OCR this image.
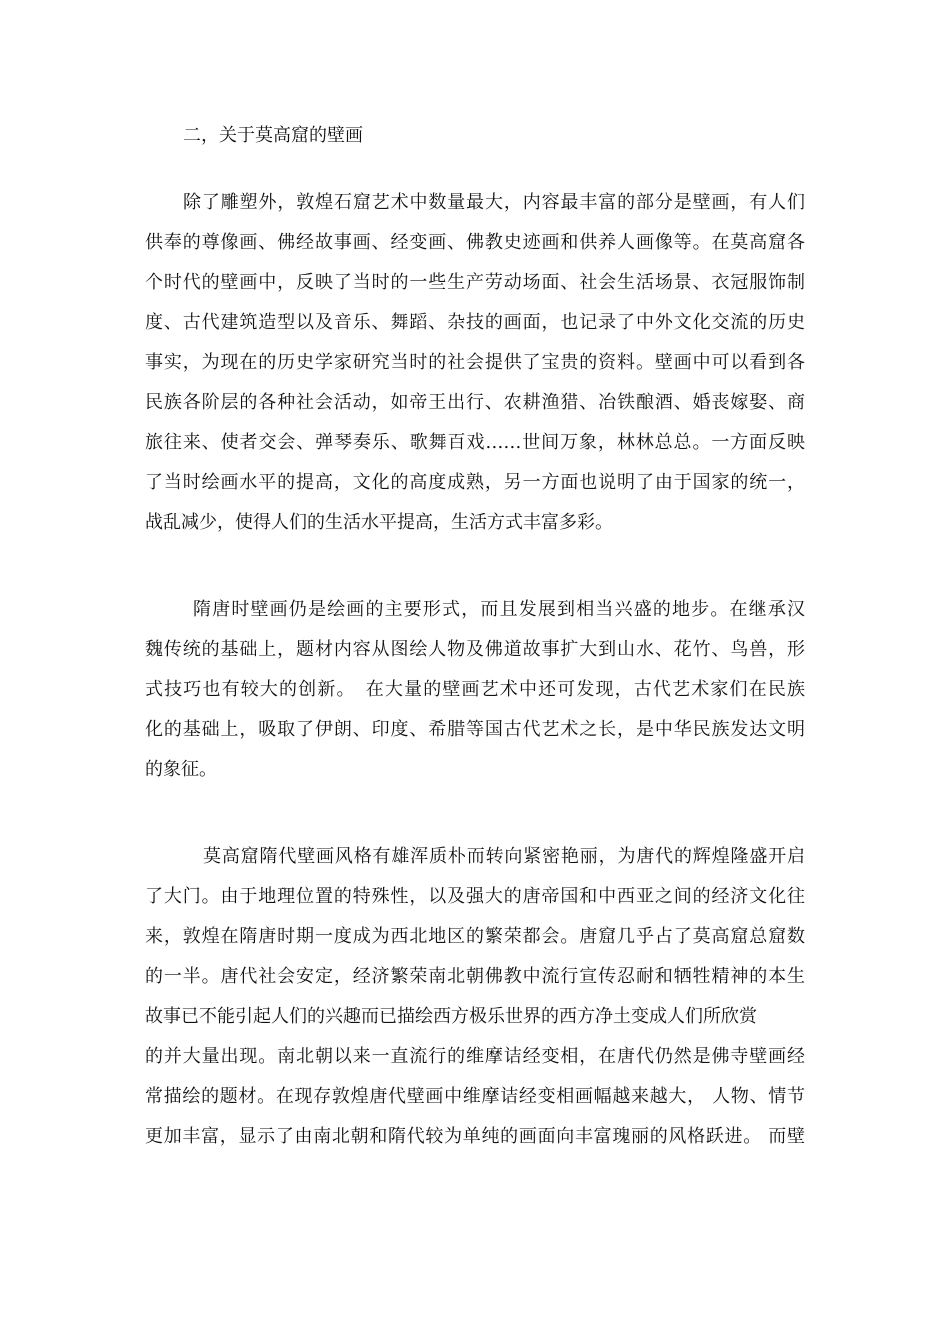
二，关于莫高窟的壁画
除了雕塑外，敦煌石窟艺术中数量最大，内容最丰富的部分是壁画，有人们
供奉的尊像画、佛经故事画、经变画、佛教史迹画和供养人画像等。在莫高窟各
个时代的壁画中，反映了当时的一些生产劳动场面、社会生活场景、衣冠服饰制
度、古代建筑造型以及音乐、舞蹈、杂技的画面，也记录了中外文化交流的历史
事实，为现在的历史学家研究当时的社会提供了宝贵的资料。壁画中可以看到各
民族各阶层的各种社会活动，如帝王出行、农耕渔猎、冶铁酿酒、婚丧嫁娶、商
旅往来、使者交会、弹琴奏乐、歌舞百戏……世间万象，林林总总。一方面反映
了当时绘画水平的提高，文化的高度成熟，另一方面也说明了由于国家的统一，
战乱减少，使得人们的生活水平提高，生活方式丰富多彩。
隋唐时壁画仍是绘画的主要形式，而且发展到相当兴盛的地步。在继承汉
魏传统的基础上，题材内容从图绘人物及佛道故事扩大到山水、花竹、鸟兽，形
式技巧也有较大的创新。　在大量的壁画艺术中还可发现，古代艺术家们在民族
化的基础上，吸取了伊朗、印度、希腊等国古代艺术之长，是中华民族发达文明
的象征。
莫高窟隋代壁画风格有雄浑质朴而转向紧密艳丽，为唐代的辉煌隆盛开启
了大门。由于地理位置的特殊性，以及强大的唐帝国和中西亚之间的经济文化往
来，敦煌在隋唐时期一度成为西北地区的繁荣都会。唐窟几乎占了莫高窟总窟数
的一半。唐代社会安定，经济繁荣南北朝佛教中流行宣传忍耐和牺牲精神的本生
故事已不能引起人们的兴趣而已描绘西方极乐世界的西方净土变成人们所欣赏
的并大量出现。南北朝以来一直流行的维摩诘经变相，在唐代仍然是佛寺壁画经
常描绘的题材。在现存敦煌唐代壁画中维摩诘经变相画幅越来越大， 人物、情节
更加丰富，显示了由南北朝和隋代较为单纯的画面向丰富瑰丽的风格跃进。 而壁
